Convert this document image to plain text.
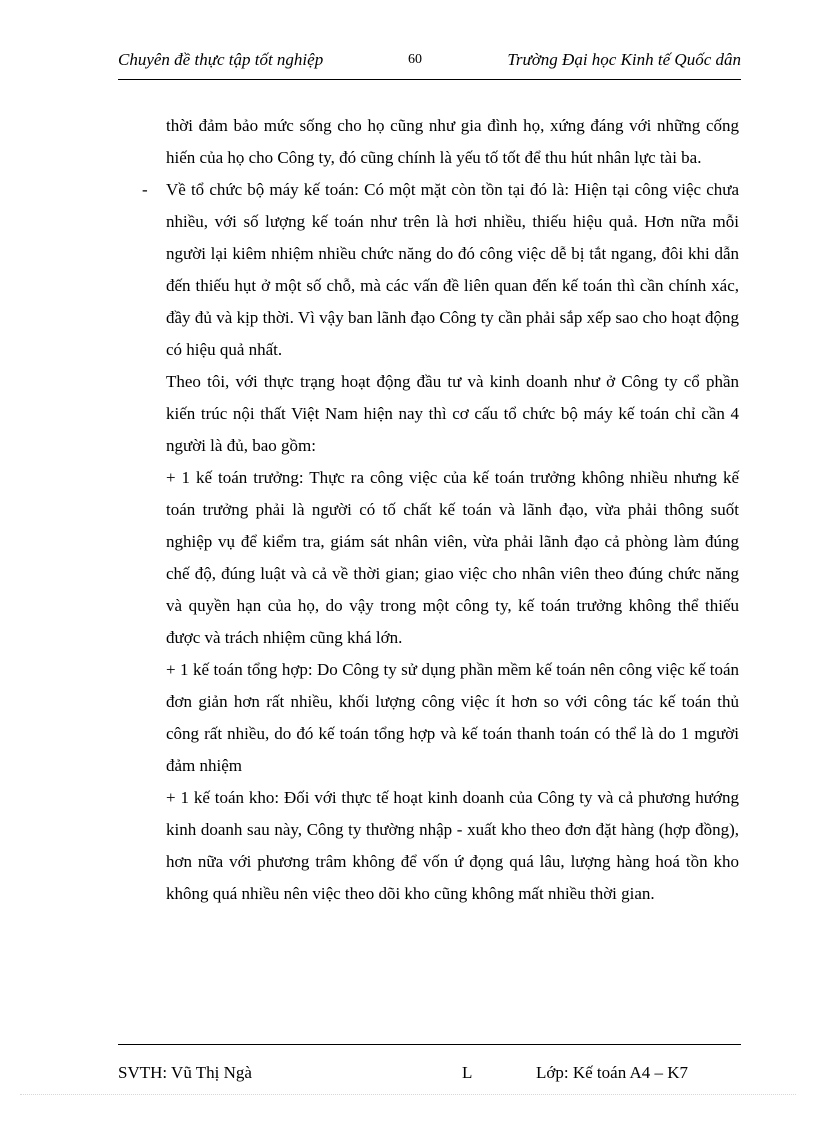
Chuyên đề thực tập tốt nghiệp	60	Trường Đại học Kinh tế Quốc dân

thời đảm bảo mức sống cho họ cũng như gia đình họ, xứng đáng với những cống hiến của họ cho Công ty, đó cũng chính là yếu tố tốt để thu hút nhân lực tài ba.

- Về tổ chức bộ máy kế toán: Có một mặt còn tồn tại đó là: Hiện tại công việc chưa nhiều, với số lượng kế toán như trên là hơi nhiều, thiếu hiệu quả. Hơn nữa mỗi người lại kiêm nhiệm nhiều chức năng do đó công việc dễ bị tắt ngang, đôi khi dẫn đến thiếu hụt ở một số chỗ, mà các vấn đề liên quan đến kế toán thì cần chính xác, đầy đủ và kịp thời. Vì vậy ban lãnh đạo Công ty cần phải sắp xếp sao cho hoạt động có hiệu quả nhất.

Theo tôi, với thực trạng hoạt động đầu tư và kinh doanh như ở Công ty cổ phần kiến trúc nội thất Việt Nam hiện nay thì cơ cấu tổ chức bộ máy kế toán chỉ cần 4 người là đủ, bao gồm:

+ 1 kế toán trưởng: Thực ra công việc của kế toán trưởng không nhiều nhưng kế toán trưởng phải là người có tố chất kế toán và lãnh đạo, vừa phải thông suốt nghiệp vụ để kiểm tra, giám sát nhân viên, vừa phải lãnh đạo cả phòng làm đúng chế độ, đúng luật và cả về thời gian; giao việc cho nhân viên theo đúng chức năng và quyền hạn của họ, do vậy trong một công ty, kế toán trưởng không thể thiếu được và trách nhiệm cũng khá lớn.

+ 1 kế toán tổng hợp: Do Công ty sử dụng phần mềm kế toán nên công việc kế toán đơn giản hơn rất nhiều, khối lượng công việc ít hơn so với công tác kế toán thủ công rất nhiều, do đó kế toán tổng hợp và kế toán thanh toán có thể là do 1 mgười đảm nhiệm

+ 1 kế toán kho: Đối với thực tế hoạt kinh doanh của Công ty và cả phương hướng kinh doanh sau này, Công ty thường nhập - xuất kho theo đơn đặt hàng (hợp đồng), hơn nữa với phương trâm không để vốn ứ đọng quá lâu, lượng hàng hoá tồn kho không quá nhiều nên việc theo dõi kho cũng không mất nhiều thời gian.

SVTH: Vũ Thị Ngà	L	Lớp: Kế toán A4 – K7
